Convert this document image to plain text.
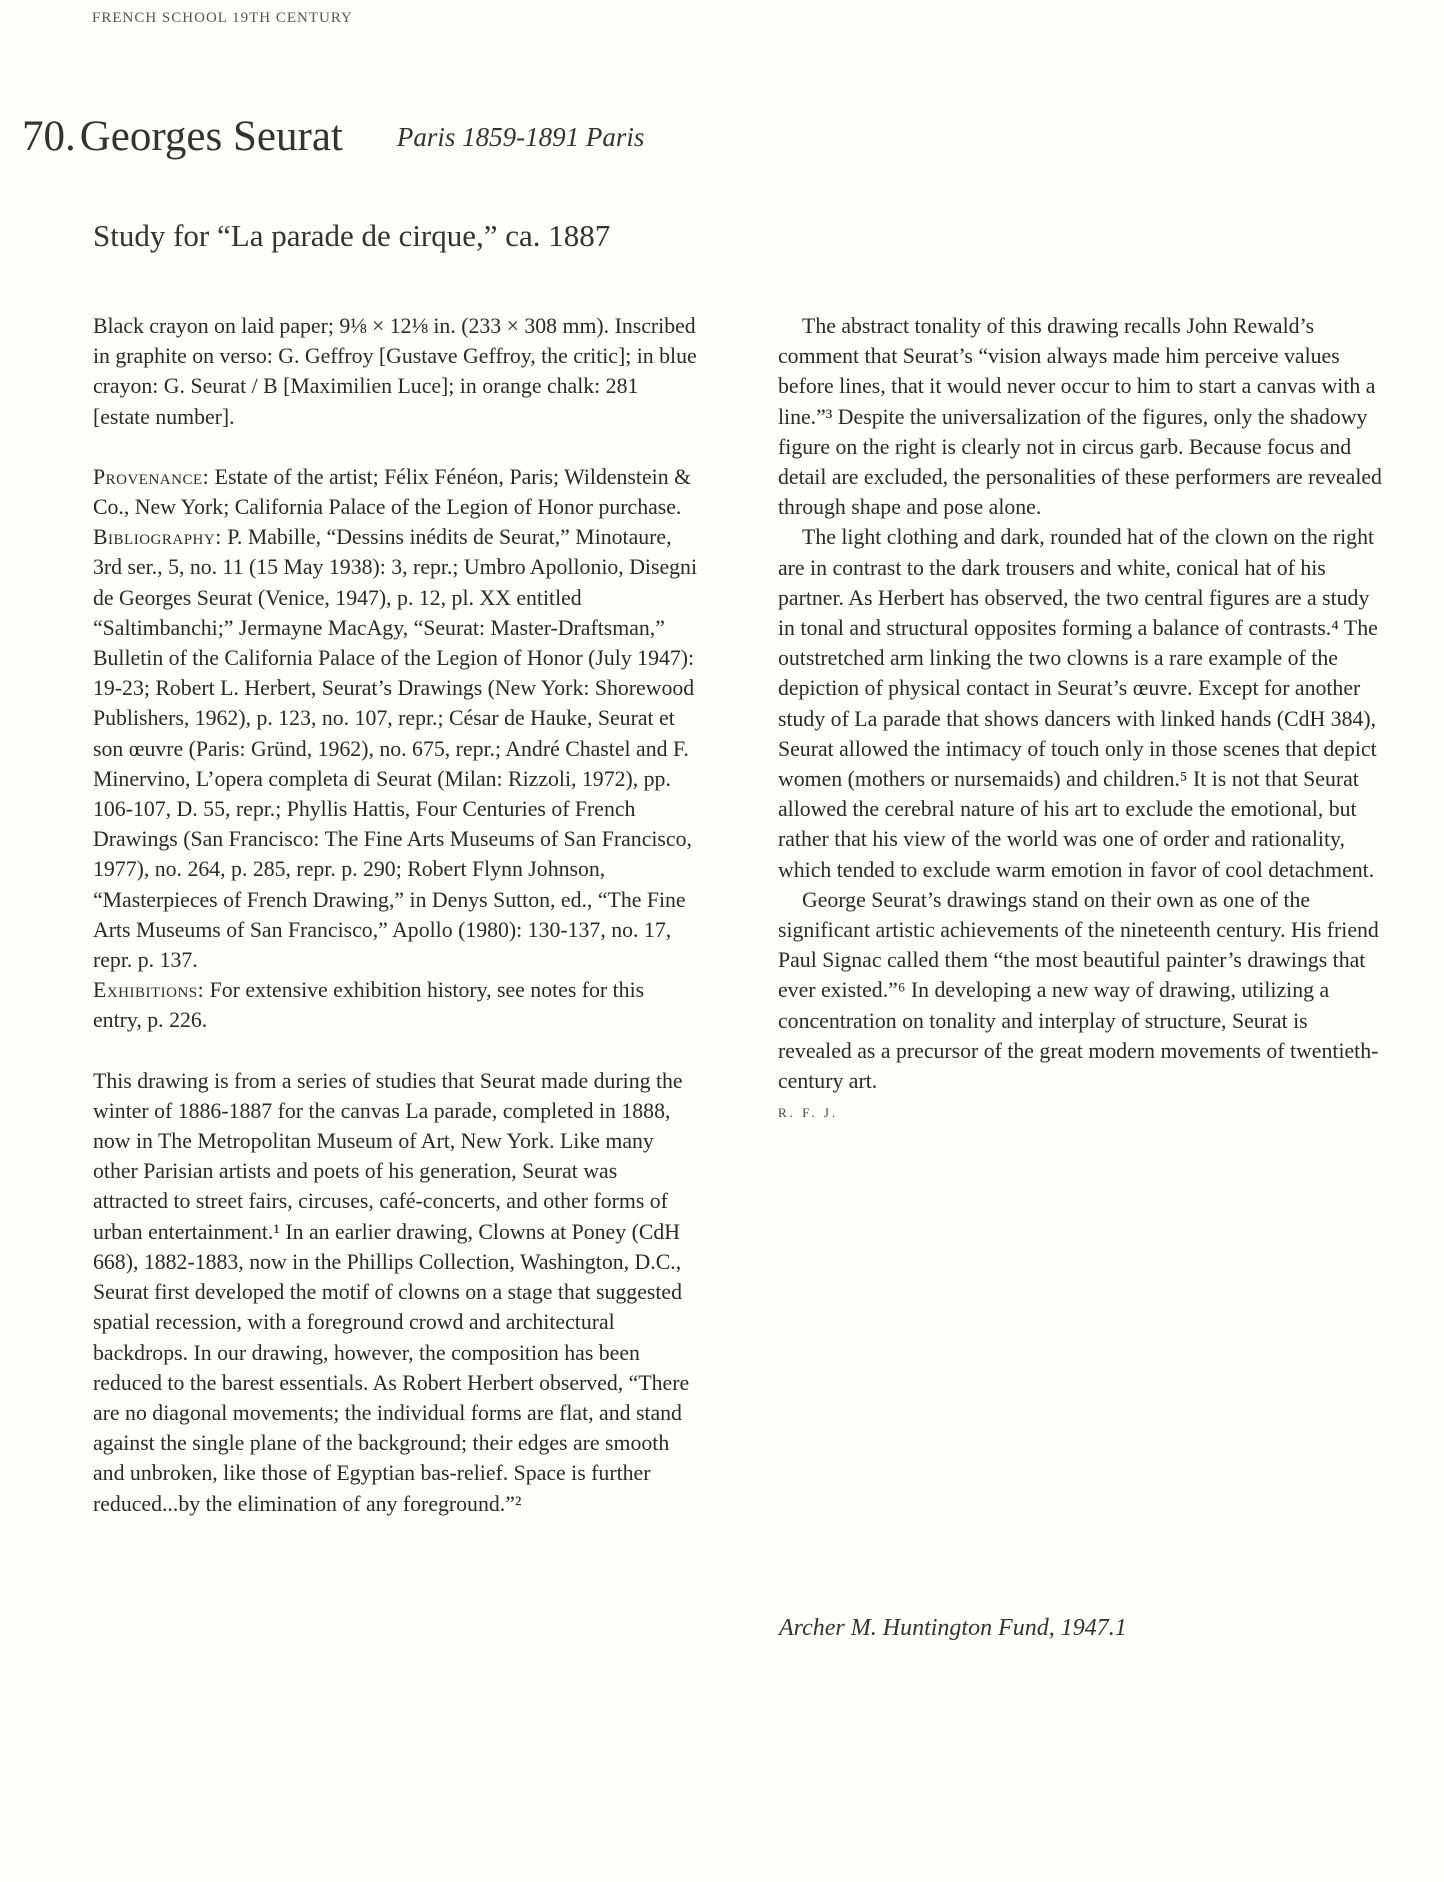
FRENCH SCHOOL 19TH CENTURY
70. Georges Seurat Paris 1859-1891 Paris
Study for “La parade de cirque,” ca. 1887

Black crayon on laid paper; 9⅛ × 12⅛ in. (233 × 308 mm). Inscribed in graphite on verso: G. Geffroy [Gustave Geffroy, the critic]; in blue crayon: G. Seurat / B [Maximilien Luce]; in orange chalk: 281 [estate number].

Provenance: Estate of the artist; Félix Fénéon, Paris; Wildenstein & Co., New York; California Palace of the Legion of Honor purchase.

Bibliography: P. Mabille, “Dessins inédits de Seurat,” Minotaure, 3rd ser., 5, no. 11 (15 May 1938): 3, repr.; Umbro Apollonio, Disegni de Georges Seurat (Venice, 1947), p. 12, pl. XX entitled “Saltimbanchi;” Jermayne MacAgy, “Seurat: Master-Draftsman,” Bulletin of the California Palace of the Legion of Honor (July 1947): 19-23; Robert L. Herbert, Seurat’s Drawings (New York: Shorewood Publishers, 1962), p. 123, no. 107, repr.; César de Hauke, Seurat et son œuvre (Paris: Gründ, 1962), no. 675, repr.; André Chastel and F. Minervino, L’opera completa di Seurat (Milan: Rizzoli, 1972), pp. 106-107, D. 55, repr.; Phyllis Hattis, Four Centuries of French Drawings (San Francisco: The Fine Arts Museums of San Francisco, 1977), no. 264, p. 285, repr. p. 290; Robert Flynn Johnson, “Masterpieces of French Drawing,” in Denys Sutton, ed., “The Fine Arts Museums of San Francisco,” Apollo (1980): 130-137, no. 17, repr. p. 137.

Exhibitions: For extensive exhibition history, see notes for this entry, p. 226.

This drawing is from a series of studies that Seurat made during the winter of 1886-1887 for the canvas La parade, completed in 1888, now in The Metropolitan Museum of Art, New York. Like many other Parisian artists and poets of his generation, Seurat was attracted to street fairs, circuses, café-concerts, and other forms of urban entertainment.¹ In an earlier drawing, Clowns at Poney (CdH 668), 1882-1883, now in the Phillips Collection, Washington, D.C., Seurat first developed the motif of clowns on a stage that suggested spatial recession, with a foreground crowd and architectural backdrops. In our drawing, however, the composition has been reduced to the barest essentials. As Robert Herbert observed, “There are no diagonal movements; the individual forms are flat, and stand against the single plane of the background; their edges are smooth and unbroken, like those of Egyptian bas-relief. Space is further reduced...by the elimination of any foreground.”²

The abstract tonality of this drawing recalls John Rewald’s comment that Seurat’s “vision always made him perceive values before lines, that it would never occur to him to start a canvas with a line.”³ Despite the universalization of the figures, only the shadowy figure on the right is clearly not in circus garb. Because focus and detail are excluded, the personalities of these performers are revealed through shape and pose alone.

The light clothing and dark, rounded hat of the clown on the right are in contrast to the dark trousers and white, conical hat of his partner. As Herbert has observed, the two central figures are a study in tonal and structural opposites forming a balance of contrasts.⁴ The outstretched arm linking the two clowns is a rare example of the depiction of physical contact in Seurat’s œuvre. Except for another study of La parade that shows dancers with linked hands (CdH 384), Seurat allowed the intimacy of touch only in those scenes that depict women (mothers or nursemaids) and children.⁵ It is not that Seurat allowed the cerebral nature of his art to exclude the emotional, but rather that his view of the world was one of order and rationality, which tended to exclude warm emotion in favor of cool detachment.

George Seurat’s drawings stand on their own as one of the significant artistic achievements of the nineteenth century. His friend Paul Signac called them “the most beautiful painter’s drawings that ever existed.”⁶ In developing a new way of drawing, utilizing a concentration on tonality and interplay of structure, Seurat is revealed as a precursor of the great modern movements of twentieth-century art.

R. F. J.

Archer M. Huntington Fund, 1947.1
